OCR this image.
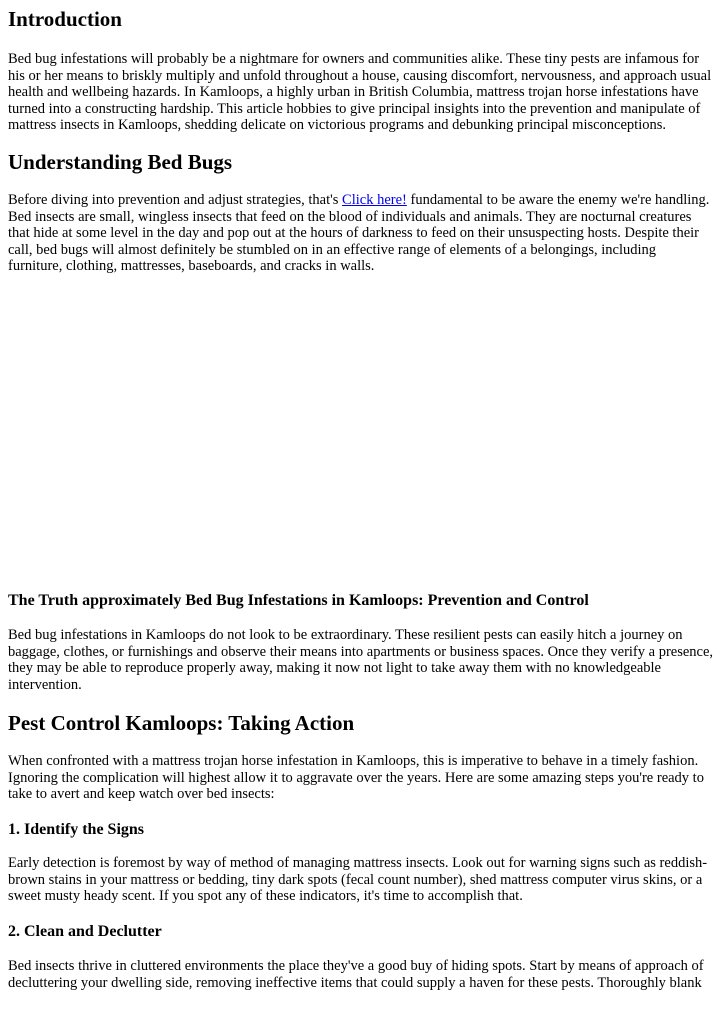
Introduction

Bed bug infestations will probably be a nightmare for owners and communities alike. These tiny pests are infamous for his or her means to briskly multiply and unfold throughout a house, causing discomfort, nervousness, and approach usual health and wellbeing hazards. In Kamloops, a highly urban in British Columbia, mattress trojan horse infestations have turned into a constructing hardship. This article hobbies to give principal insights into the prevention and manipulate of mattress insects in Kamloops, shedding delicate on victorious programs and debunking principal misconceptions.

Understanding Bed Bugs

Before diving into prevention and adjust strategies, that's Click here! fundamental to be aware the enemy we're handling. Bed insects are small, wingless insects that feed on the blood of individuals and animals. They are nocturnal creatures that hide at some level in the day and pop out at the hours of darkness to feed on their unsuspecting hosts. Despite their call, bed bugs will almost definitely be stumbled on in an effective range of elements of a belongings, including furniture, clothing, mattresses, baseboards, and cracks in walls.

The Truth approximately Bed Bug Infestations in Kamloops: Prevention and Control

Bed bug infestations in Kamloops do not look to be extraordinary. These resilient pests can easily hitch a journey on baggage, clothes, or furnishings and observe their means into apartments or business spaces. Once they verify a presence, they may be able to reproduce properly away, making it now not light to take away them with no knowledgeable intervention.

Pest Control Kamloops: Taking Action

When confronted with a mattress trojan horse infestation in Kamloops, this is imperative to behave in a timely fashion. Ignoring the complication will highest allow it to aggravate over the years. Here are some amazing steps you're ready to take to avert and keep watch over bed insects:

1. Identify the Signs

Early detection is foremost by way of method of managing mattress insects. Look out for warning signs such as reddish-brown stains in your mattress or bedding, tiny dark spots (fecal count number), shed mattress computer virus skins, or a sweet musty heady scent. If you spot any of these indicators, it's time to accomplish that.

2. Clean and Declutter

Bed insects thrive in cluttered environments the place they've a good buy of hiding spots. Start by means of approach of decluttering your dwelling side, removing ineffective items that could supply a haven for these pests. Thoroughly blank
